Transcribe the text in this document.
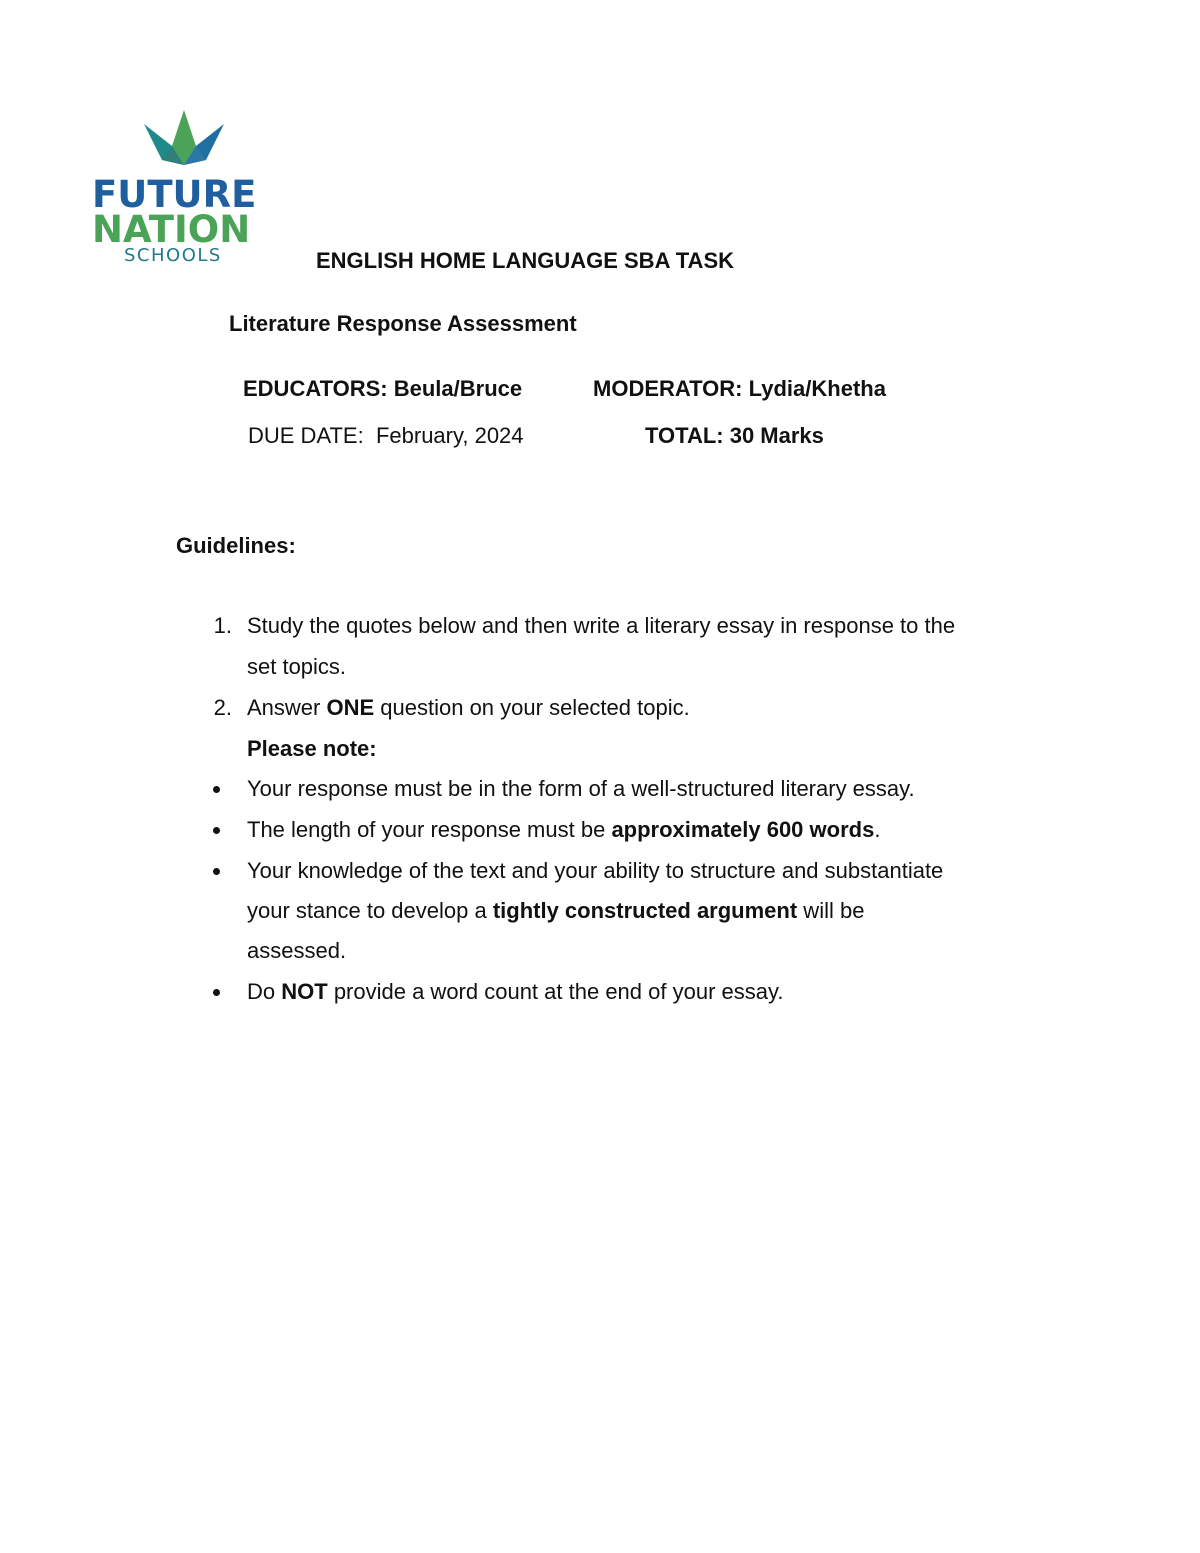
FUTURE
NATION
SCHOOLS	ENGLISH HOME LANGUAGE SBA TASK
Literature Response Assessment
EDUCATORS: Beula/Bruce	MODERATOR: Lydia/Khetha
DUE DATE: February, 2024	TOTAL: 30 Marks
Guidelines:
1. Study the quotes below and then write a literary essay in response to the
set topics.
2. Answer ONE question on your selected topic.
Please note:
Your response must be in the form of a well-structured literary essay.
The length of your response must be approximately 600 words.
Your knowledge of the text and your ability to structure and substantiate
your stance to develop a tightly constructed argument will be
assessed.
Do NOT provide a word count at the end of your essay.
